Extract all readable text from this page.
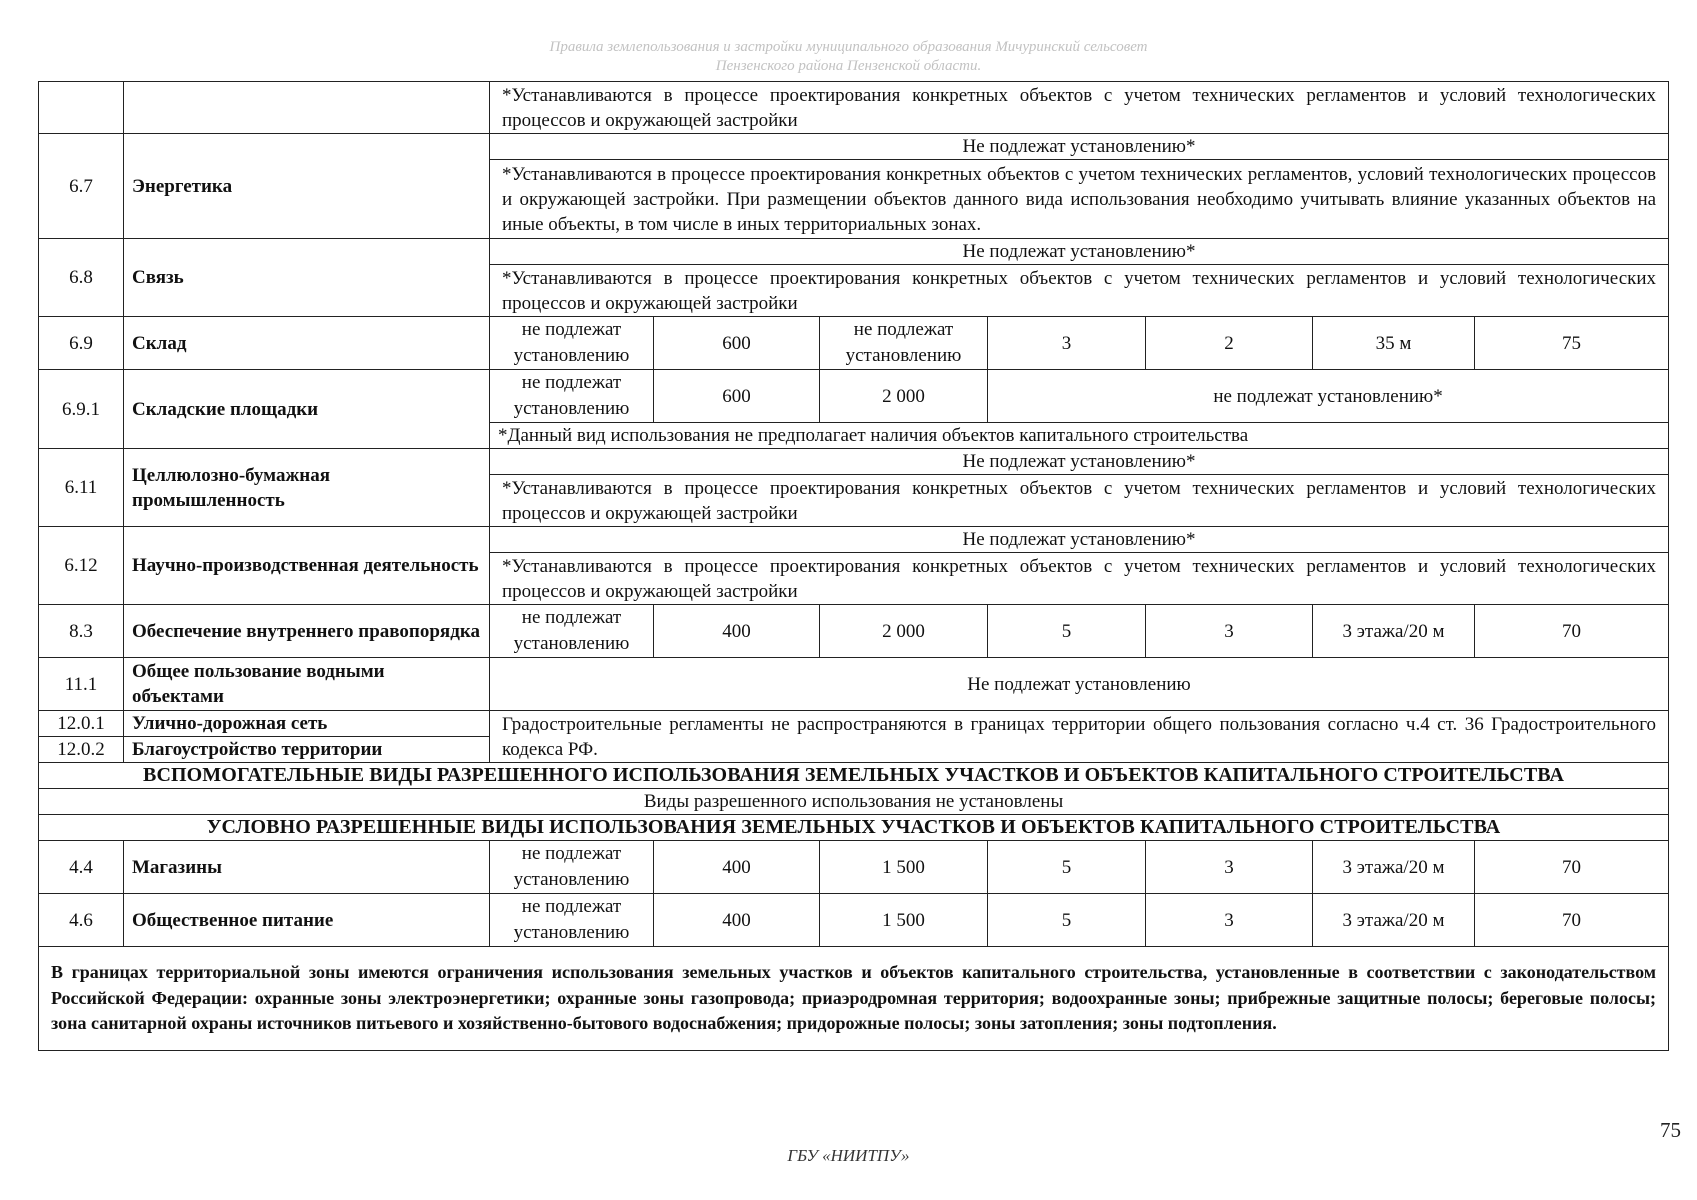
Правила землепользования и застройки муниципального образования Мичуринский сельсовет
Пензенского района Пензенской области.
		*Устанавливаются в процессе проектирования конкретных объектов с учетом технических регламентов и условий технологических процессов и окружающей застройки						
6.7	Энергетика	Не подлежат установлению*						
		*Устанавливаются в процессе проектирования конкретных объектов с учетом технических регламентов, условий технологических процессов и окружающей застройки. При размещении объектов данного вида использования необходимо учитывать влияние указанных объектов на иные объекты, в том числе в иных территориальных зонах.						
6.8	Связь	Не подлежат установлению*						
		*Устанавливаются в процессе проектирования конкретных объектов с учетом технических регламентов и условий технологических процессов и окружающей застройки						
6.9	Склад	не подлежат установлению	600	не подлежат установлению	3	2	35 м	75
6.9.1	Складские площадки	не подлежат установлению	600	2 000	не подлежат установлению*			
		*Данный вид использования не предполагает наличия объектов капитального строительства						
6.11	Целлюлозно-бумажная промышленность	Не подлежат установлению*						
		*Устанавливаются в процессе проектирования конкретных объектов с учетом технических регламентов и условий технологических процессов и окружающей застройки						
6.12	Научно-производственная деятельность	Не подлежат установлению*						
		*Устанавливаются в процессе проектирования конкретных объектов с учетом технических регламентов и условий технологических процессов и окружающей застройки						
8.3	Обеспечение внутреннего правопорядка	не подлежат установлению	400	2 000	5	3	3 этажа/20 м	70
11.1	Общее пользование водными объектами	Не подлежат установлению						
12.0.1	Улично-дорожная сеть	Градостроительные регламенты не распространяются в границах территории общего пользования согласно ч.4 ст. 36 Градостроительного кодекса РФ.						
12.0.2	Благоустройство территории							
ВСПОМОГАТЕЛЬНЫЕ ВИДЫ РАЗРЕШЕННОГО ИСПОЛЬЗОВАНИЯ ЗЕМЕЛЬНЫХ УЧАСТКОВ И ОБЪЕКТОВ КАПИТАЛЬНОГО СТРОИТЕЛЬСТВА								
Виды разрешенного использования не установлены								
УСЛОВНО РАЗРЕШЕННЫЕ ВИДЫ ИСПОЛЬЗОВАНИЯ ЗЕМЕЛЬНЫХ УЧАСТКОВ И ОБЪЕКТОВ КАПИТАЛЬНОГО СТРОИТЕЛЬСТВА								
4.4	Магазины	не подлежат установлению	400	1 500	5	3	3 этажа/20 м	70
4.6	Общественное питание	не подлежат установлению	400	1 500	5	3	3 этажа/20 м	70
В границах территориальной зоны имеются ограничения использования земельных участков и объектов капитального строительства, установленные в соответствии с законодательством Российской Федерации: охранные зоны электроэнергетики; охранные зоны газопровода; приаэродромная территория; водоохранные зоны; прибрежные защитные полосы; береговые полосы; зона санитарной охраны источников питьевого и хозяйственно-бытового водоснабжения; придорожные полосы; зоны затопления; зоны подтопления.								
75
ГБУ «НИИТПУ»
